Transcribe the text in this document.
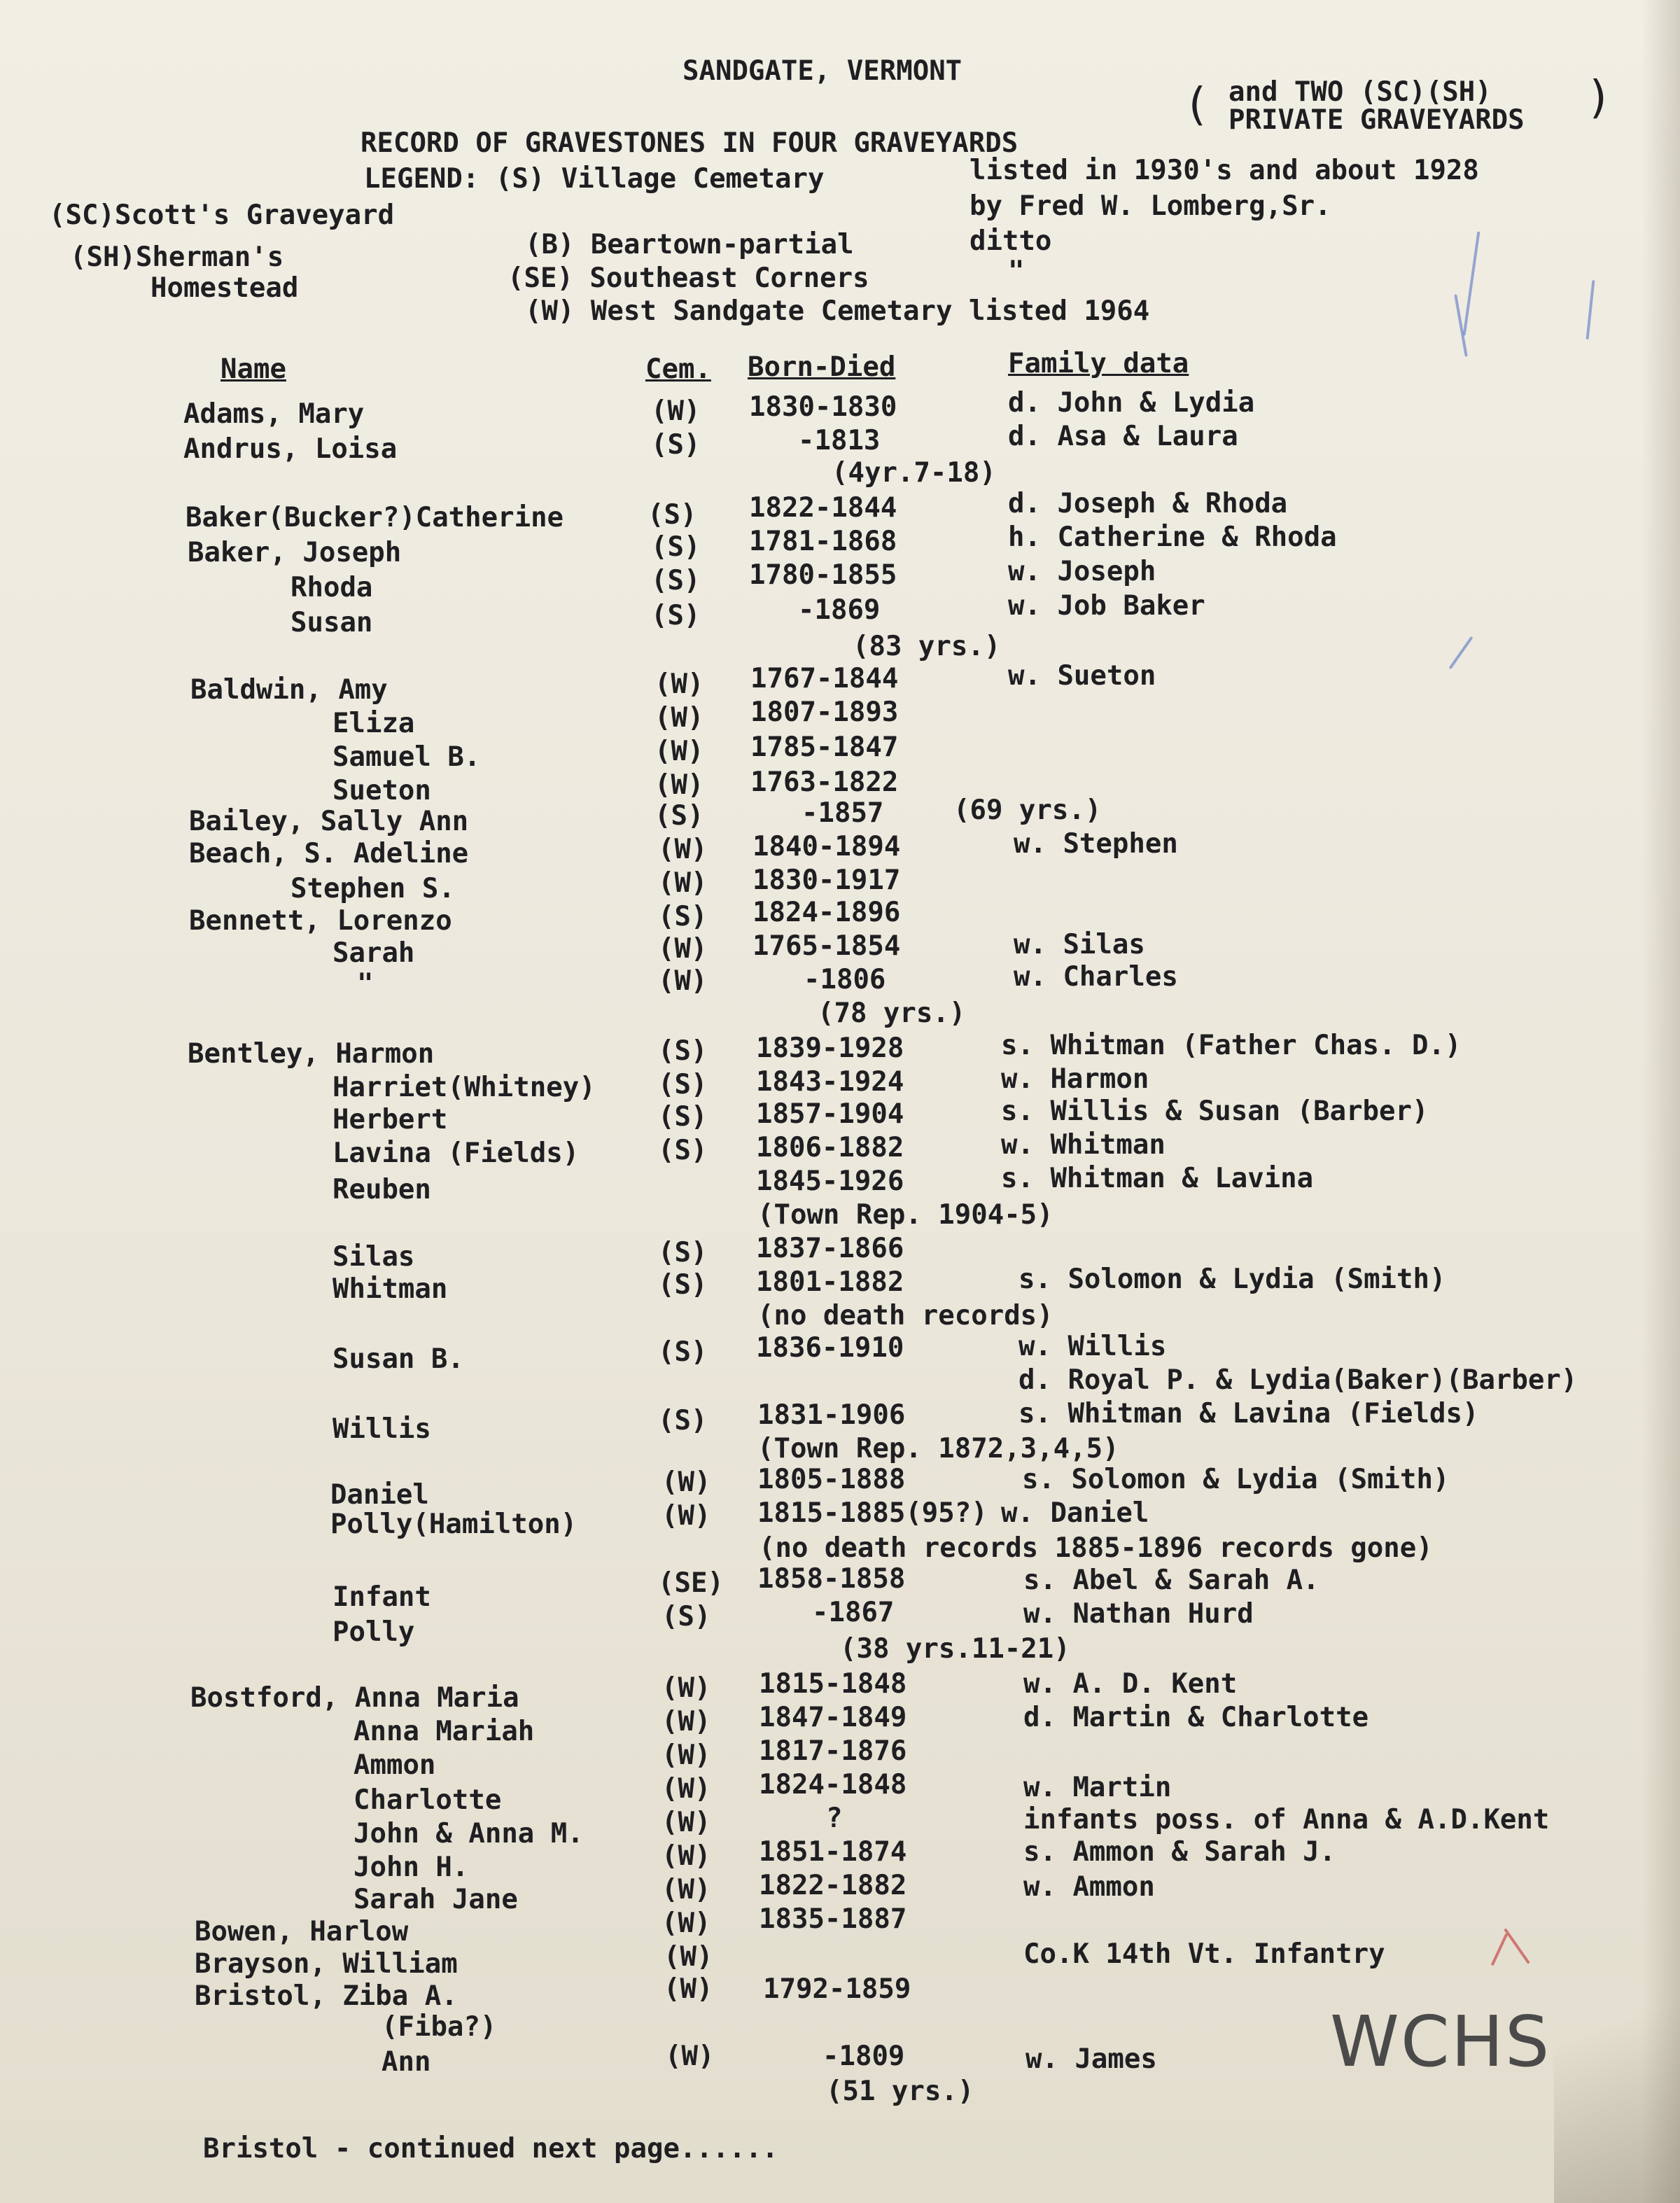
SANDGATE, VERMONT
RECORD OF GRAVESTONES IN FOUR GRAVEYARDS
( and TWO (SC)(SH)
PRIVATE GRAVEYARDS )
LEGEND: (S) Village Cemetary	listed in 1930's and about 1928
by Fred W. Lomberg,Sr.
(SC)Scott's Graveyard
(SH)Sherman's
Homestead
(B) Beartown-partial	ditto
(SE) Southeast Corners	"
(W) West Sandgate Cemetary listed 1964
Name	Cem. Born-Died	Family data
Adams, Mary	(W) 1830-1830	d. John & Lydia
Andrus, Loisa	(S)	-1813	d. Asa & Laura
(4yr.7-18)
Baker(Bucker?)Catherine	(S) 1822-1844	d. Joseph & Rhoda
Baker, Joseph	(S) 1781-1868	h. Catherine & Rhoda
Rhoda	(S) 1780-1855	w. Joseph
Susan	(S)	-1869	w. Job Baker
(83 yrs.)
Baldwin, Amy	(W) 1767-1844	w. Sueton
Eliza	(W) 1807-1893
Samuel B.	(W) 1785-1847
Sueton	(W) 1763-1822
Bailey, Sally Ann	(S)	-1857	(69 yrs.)
Beach, S. Adeline	(W) 1840-1894	w. Stephen
Stephen S.	(W) 1830-1917
Bennett, Lorenzo	(S) 1824-1896
Sarah	(W) 1765-1854	w. Silas
"	(W)	-1806	w. Charles
(78 yrs.)
Bentley, Harmon	(S) 1839-1928	s. Whitman (Father Chas. D.)
Harriet(Whitney) (S) 1843-1924	w. Harmon
Herbert	(S) 1857-1904	s. Willis & Susan (Barber)
Lavina (Fields)	(S) 1806-1882	w. Whitman
Reuben	1845-1926	s. Whitman & Lavina
(Town Rep. 1904-5)
Silas	(S) 1837-1866
Whitman	(S) 1801-1882	s. Solomon & Lydia (Smith)
(no death records)
Susan B.	(S) 1836-1910	w. Willis
d. Royal P. & Lydia(Baker)(Barber)
Willis	(S) 1831-1906	s. Whitman & Lavina (Fields)
(Town Rep. 1872,3,4,5)
Daniel	(W) 1805-1888	s. Solomon & Lydia (Smith)
Polly(Hamilton)	(W) 1815-1885(95?) w. Daniel
(no death records 1885-1896 records gone)
Infant	(SE) 1858-1858	s. Abel & Sarah A.
Polly	(S)	-1867	w. Nathan Hurd
(38 yrs.11-21)
Bostford, Anna Maria	(W) 1815-1848	w. A. D. Kent
Anna Mariah	(W) 1847-1849	d. Martin & Charlotte
Ammon	(W) 1817-1876
Charlotte	(W) 1824-1848	w. Martin
John & Anna M.	(W)	?	infants poss. of Anna & A.D.Kent
John H.	(W) 1851-1874	s. Ammon & Sarah J.
Sarah Jane	(W) 1822-1882	w. Ammon
Bowen, Harlow	(W) 1835-1887
Brayson, William	(W)	Co.K 14th Vt. Infantry
Bristol, Ziba A.	(W) 1792-1859
(Fiba?)
Ann	(W)	-1809	w. James
(51 yrs.)
Bristol - continued next page......
WCHS
